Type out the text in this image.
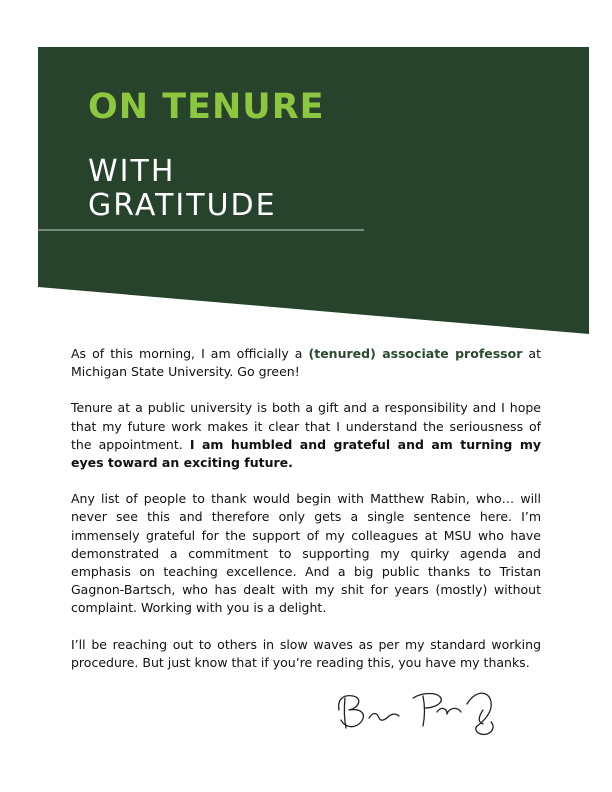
ON TENURE
WITH
GRATITUDE

As of this morning, I am officially a (tenured) associate professor at Michigan State University. Go green!

Tenure at a public university is both a gift and a responsibility and I hope that my future work makes it clear that I understand the seriousness of the appointment. I am humbled and grateful and am turning my eyes toward an exciting future.

Any list of people to thank would begin with Matthew Rabin, who… will never see this and therefore only gets a single sentence here. I’m immensely grateful for the support of my colleagues at MSU who have demonstrated a commitment to supporting my quirky agenda and emphasis on teaching excellence. And a big public thanks to Tristan Gagnon-Bartsch, who has dealt with my shit for years (mostly) without complaint. Working with you is a delight.

I’ll be reaching out to others in slow waves as per my standard working procedure. But just know that if you’re reading this, you have my thanks.
